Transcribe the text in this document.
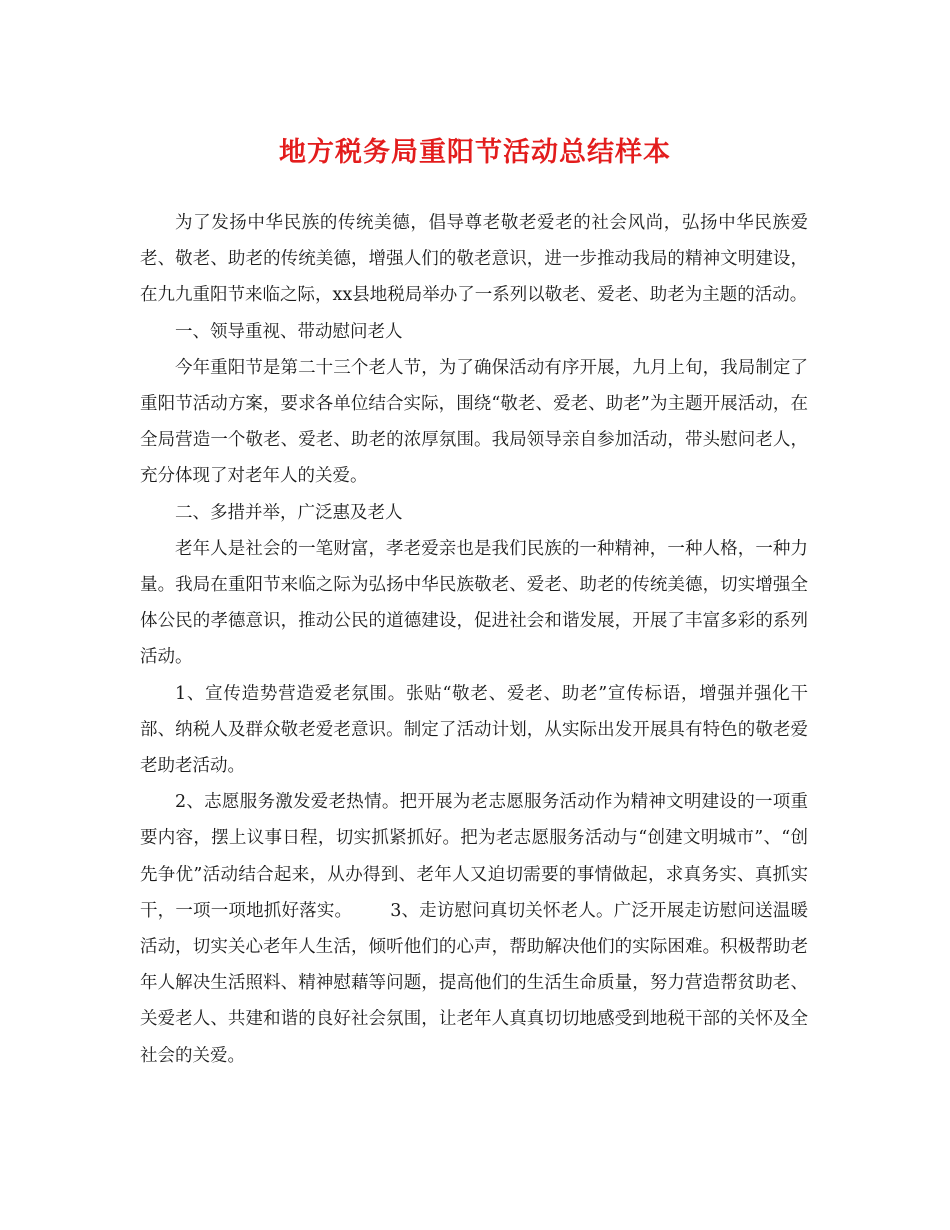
地方税务局重阳节活动总结样本

为了发扬中华民族的传统美德，倡导尊老敬老爱老的社会风尚，弘扬中华民族爱老、敬老、助老的传统美德，增强人们的敬老意识，进一步推动我局的精神文明建设，在九九重阳节来临之际，xx县地税局举办了一系列以敬老、爱老、助老为主题的活动。

一、领导重视、带动慰问老人

今年重阳节是第二十三个老人节，为了确保活动有序开展，九月上旬，我局制定了重阳节活动方案，要求各单位结合实际，围绕“敬老、爱老、助老”为主题开展活动，在全局营造一个敬老、爱老、助老的浓厚氛围。我局领导亲自参加活动，带头慰问老人，充分体现了对老年人的关爱。

二、多措并举，广泛惠及老人

老年人是社会的一笔财富，孝老爱亲也是我们民族的一种精神，一种人格，一种力量。我局在重阳节来临之际为弘扬中华民族敬老、爱老、助老的传统美德，切实增强全体公民的孝德意识，推动公民的道德建设，促进社会和谐发展，开展了丰富多彩的系列活动。

1、宣传造势营造爱老氛围。张贴“敬老、爱老、助老”宣传标语，增强并强化干部、纳税人及群众敬老爱老意识。制定了活动计划，从实际出发开展具有特色的敬老爱老助老活动。

2、志愿服务激发爱老热情。把开展为老志愿服务活动作为精神文明建设的一项重要内容，摆上议事日程，切实抓紧抓好。把为老志愿服务活动与“创建文明城市”、“创先争优”活动结合起来，从办得到、老年人又迫切需要的事情做起，求真务实、真抓实干，一项一项地抓好落实。 3、走访慰问真切关怀老人。广泛开展走访慰问送温暖活动，切实关心老年人生活，倾听他们的心声，帮助解决他们的实际困难。积极帮助老年人解决生活照料、精神慰藉等问题，提高他们的生活生命质量，努力营造帮贫助老、关爱老人、共建和谐的良好社会氛围，让老年人真真切切地感受到地税干部的关怀及全社会的关爱。
